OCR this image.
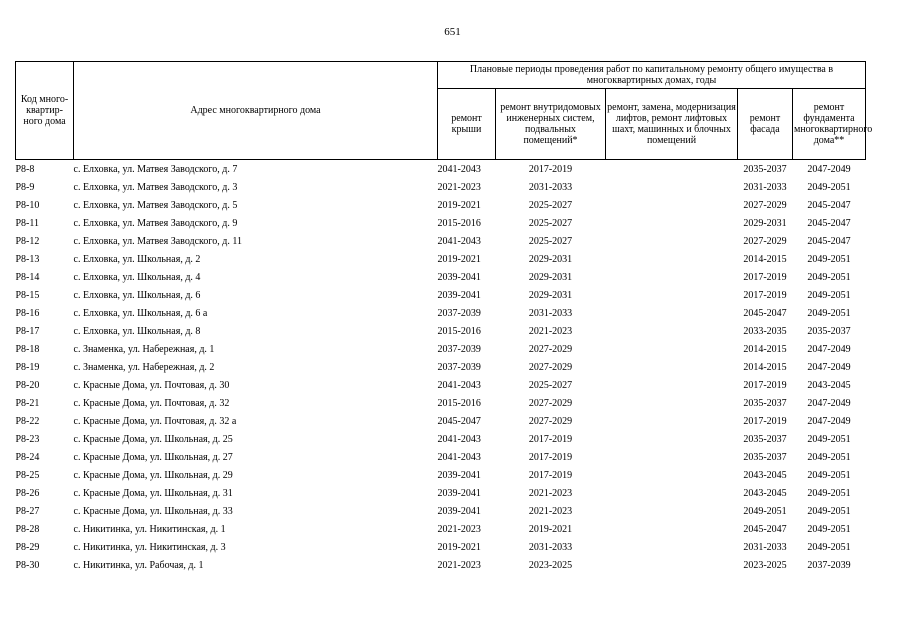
651
Код много-квартир-ного дома	Адрес многоквартирного дома	Плановые периоды проведения работ по капитальному ремонту общего имущества в многоквартирных домах, годы				
		ремонт крыши	ремонт внутридомовых инженерных систем, подвальных помещений*	ремонт, замена, модернизация лифтов, ремонт лифтовых шахт, машинных и блочных помещений	ремонт фасада	ремонт фундамента многоквартирного дома**
Р8-8	с. Елховка, ул. Матвея Заводского, д. 7	2041-2043	2017-2019		2035-2037	2047-2049
Р8-9	с. Елховка, ул. Матвея Заводского, д. 3	2021-2023	2031-2033		2031-2033	2049-2051
Р8-10	с. Елховка, ул. Матвея Заводского, д. 5	2019-2021	2025-2027		2027-2029	2045-2047
Р8-11	с. Елховка, ул. Матвея Заводского, д. 9	2015-2016	2025-2027		2029-2031	2045-2047
Р8-12	с. Елховка, ул. Матвея Заводского, д. 11	2041-2043	2025-2027		2027-2029	2045-2047
Р8-13	с. Елховка, ул. Школьная, д. 2	2019-2021	2029-2031		2014-2015	2049-2051
Р8-14	с. Елховка, ул. Школьная, д. 4	2039-2041	2029-2031		2017-2019	2049-2051
Р8-15	с. Елховка, ул. Школьная, д. 6	2039-2041	2029-2031		2017-2019	2049-2051
Р8-16	с. Елховка, ул. Школьная, д. 6 а	2037-2039	2031-2033		2045-2047	2049-2051
Р8-17	с. Елховка, ул. Школьная, д. 8	2015-2016	2021-2023		2033-2035	2035-2037
Р8-18	с. Знаменка, ул. Набережная, д. 1	2037-2039	2027-2029		2014-2015	2047-2049
Р8-19	с. Знаменка, ул. Набережная, д. 2	2037-2039	2027-2029		2014-2015	2047-2049
Р8-20	с. Красные Дома, ул. Почтовая, д. 30	2041-2043	2025-2027		2017-2019	2043-2045
Р8-21	с. Красные Дома, ул. Почтовая, д. 32	2015-2016	2027-2029		2035-2037	2047-2049
Р8-22	с. Красные Дома, ул. Почтовая, д. 32 а	2045-2047	2027-2029		2017-2019	2047-2049
Р8-23	с. Красные Дома, ул. Школьная, д. 25	2041-2043	2017-2019		2035-2037	2049-2051
Р8-24	с. Красные Дома, ул. Школьная, д. 27	2041-2043	2017-2019		2035-2037	2049-2051
Р8-25	с. Красные Дома, ул. Школьная, д. 29	2039-2041	2017-2019		2043-2045	2049-2051
Р8-26	с. Красные Дома, ул. Школьная, д. 31	2039-2041	2021-2023		2043-2045	2049-2051
Р8-27	с. Красные Дома, ул. Школьная, д. 33	2039-2041	2021-2023		2049-2051	2049-2051
Р8-28	с. Никитинка, ул. Никитинская, д. 1	2021-2023	2019-2021		2045-2047	2049-2051
Р8-29	с. Никитинка, ул. Никитинская, д. 3	2019-2021	2031-2033		2031-2033	2049-2051
Р8-30	с. Никитинка, ул. Рабочая, д. 1	2021-2023	2023-2025		2023-2025	2037-2039
